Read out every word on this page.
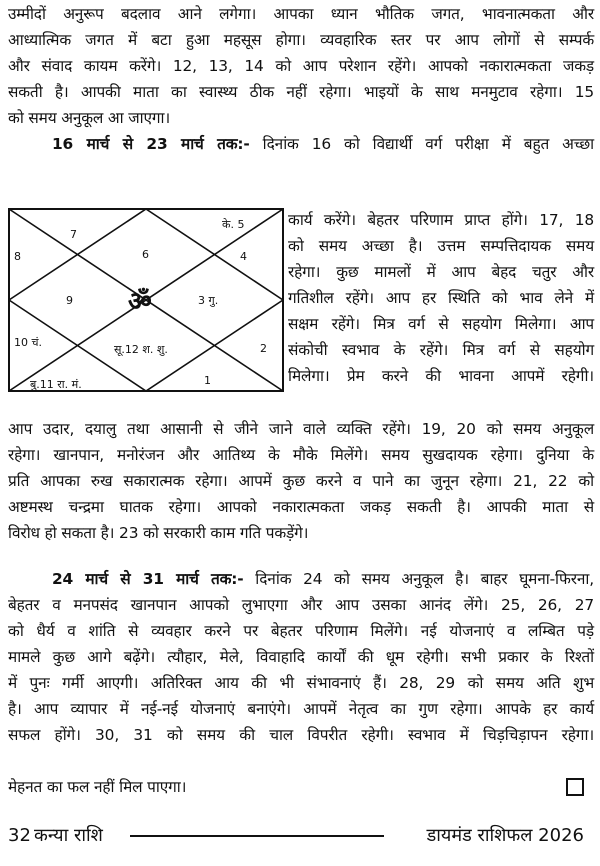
उम्मीदों अनुरूप बदलाव आने लगेगा। आपका ध्यान भौतिक जगत, भावनात्मकता और
आध्यात्मिक जगत में बटा हुआ महसूस होगा। व्यवहारिक स्तर पर आप लोगों से सम्पर्क
और संवाद कायम करेंगे। 12, 13, 14 को आप परेशान रहेंगे। आपको नकारात्मकता जकड़
सकती है। आपकी माता का स्वास्थ्य ठीक नहीं रहेगा। भाइयों के साथ मनमुटाव रहेगा। 15
को समय अनुकूल आ जाएगा।
16 मार्च से 23 मार्च तक:- दिनांक 16 को विद्यार्थी वर्ग परीक्षा में बहुत अच्छा
ॐ
6
7
8
9
10 चं.
बु.11 रा. मं.
सू.12 श. शु.
1
2
3 गु.
4
के. 5	कार्य करेंगे। बेहतर परिणाम प्राप्त होंगे। 17, 18
को समय अच्छा है। उत्तम सम्पत्तिदायक समय
रहेगा। कुछ मामलों में आप बेहद चतुर और
गतिशील रहेंगे। आप हर स्थिति को भाव लेने में
सक्षम रहेंगे। मित्र वर्ग से सहयोग मिलेगा। आप
संकोची स्वभाव के रहेंगे। मित्र वर्ग से सहयोग
मिलेगा। प्रेम करने की भावना आपमें रहेगी।
आप उदार, दयालु तथा आसानी से जीने जाने वाले व्यक्ति रहेंगे। 19, 20 को समय अनुकूल
रहेगा। खानपान, मनोरंजन और आतिथ्य के मौके मिलेंगे। समय सुखदायक रहेगा। दुनिया के
प्रति आपका रुख सकारात्मक रहेगा। आपमें कुछ करने व पाने का जुनून रहेगा। 21, 22 को
अष्टमस्थ चन्द्रमा घातक रहेगा। आपको नकारात्मकता जकड़ सकती है। आपकी माता से
विरोध हो सकता है। 23 को सरकारी काम गति पकड़ेंगे।
24 मार्च से 31 मार्च तक:- दिनांक 24 को समय अनुकूल है। बाहर घूमना-फिरना,
बेहतर व मनपसंद खानपान आपको लुभाएगा और आप उसका आनंद लेंगे। 25, 26, 27
को धैर्य व शांति से व्यवहार करने पर बेहतर परिणाम मिलेंगे। नई योजनाएं व लम्बित पड़े
मामले कुछ आगे बढ़ेंगे। त्यौहार, मेले, विवाहादि कार्यों की धूम रहेगी। सभी प्रकार के रिश्तों
में पुनः गर्मी आएगी। अतिरिक्त आय की भी संभावनाएं हैं। 28, 29 को समय अति शुभ
है। आप व्यापार में नई-नई योजनाएं बनाएंगे। आपमें नेतृत्व का गुण रहेगा। आपके हर कार्य
सफल होंगे। 30, 31 को समय की चाल विपरीत रहेगी। स्वभाव में चिड़चिड़ापन रहेगा।
मेहनत का फल नहीं मिल पाएगा।
32 कन्या राशि	डायमंड राशिफल 2026
